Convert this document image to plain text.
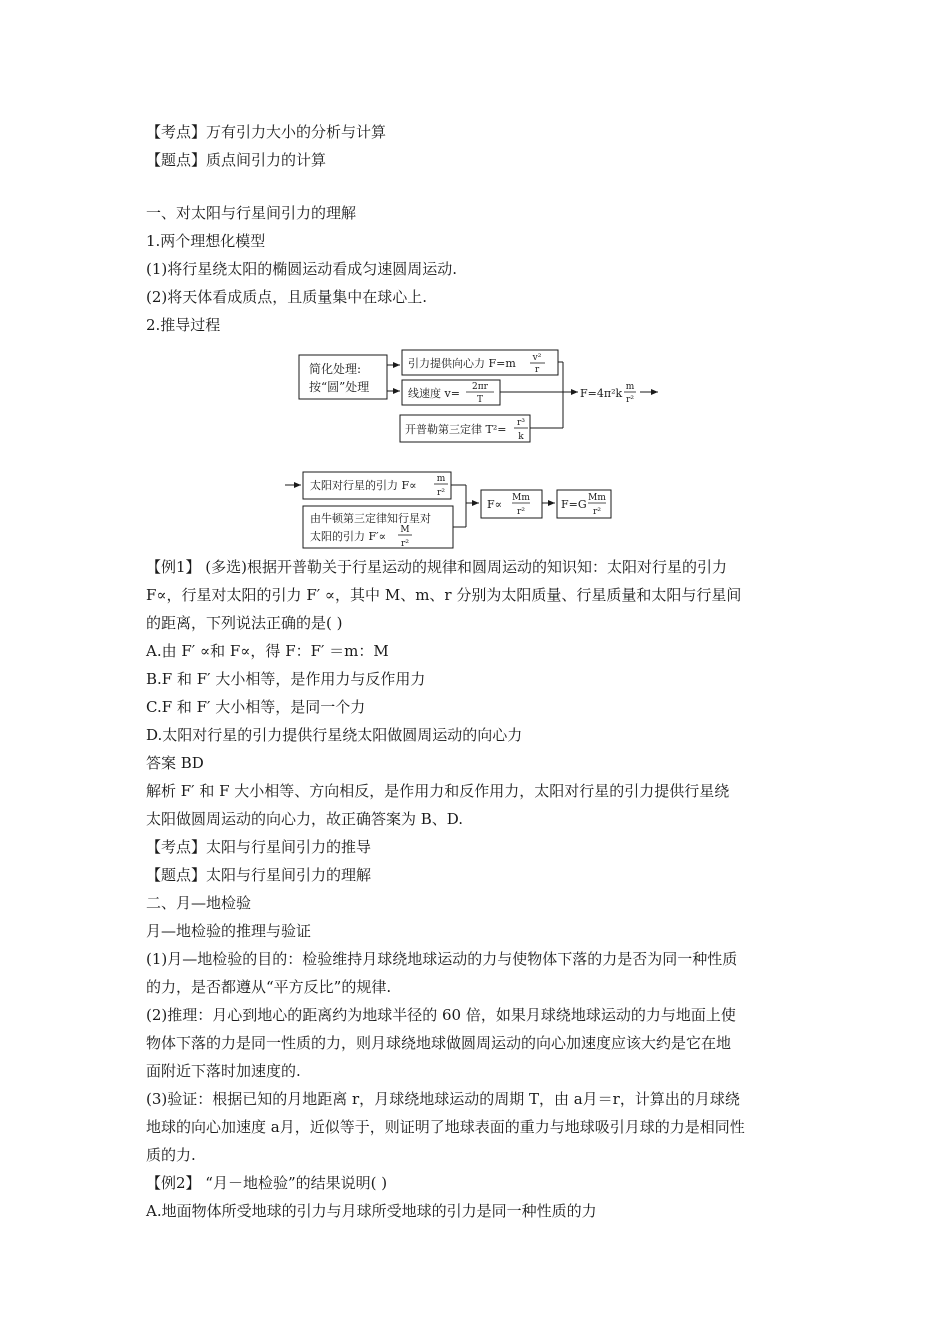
【考点】万有引力大小的分析与计算
【题点】质点间引力的计算
一、对太阳与行星间引力的理解
1.两个理想化模型
(1)将行星绕太阳的椭圆运动看成匀速圆周运动.
(2)将天体看成质点，且质量集中在球心上.
2.推导过程
简化处理:
按“圆”处理
引力提供向心力 F=m v²
r
线速度 v= 2πr
T
开普勒第三定律 T²= r³
k
F=4π²k m
r²
太阳对行星的引力 F∝ m
r²
由牛顿第三定律知行星对
太阳的引力 F′∝ M
r²
F∝ Mm
r²
F=G Mm
r²
【例1】 (多选)根据开普勒关于行星运动的规律和圆周运动的知识知：太阳对行星的引力
F∝，行星对太阳的引力 F′ ∝，其中 M、m、r 分别为太阳质量、行星质量和太阳与行星间
的距离，下列说法正确的是( )
A.由 F′ ∝和 F∝，得 F：F′ ＝m：M
B.F 和 F′ 大小相等，是作用力与反作用力
C.F 和 F′ 大小相等，是同一个力
D.太阳对行星的引力提供行星绕太阳做圆周运动的向心力
答案 BD
解析 F′ 和 F 大小相等、方向相反，是作用力和反作用力，太阳对行星的引力提供行星绕
太阳做圆周运动的向心力，故正确答案为 B、D.
【考点】太阳与行星间引力的推导
【题点】太阳与行星间引力的理解
二、月—地检验
月—地检验的推理与验证
(1)月—地检验的目的：检验维持月球绕地球运动的力与使物体下落的力是否为同一种性质
的力，是否都遵从“平方反比”的规律.
(2)推理：月心到地心的距离约为地球半径的 60 倍，如果月球绕地球运动的力与地面上使
物体下落的力是同一性质的力，则月球绕地球做圆周运动的向心加速度应该大约是它在地
面附近下落时加速度的.
(3)验证：根据已知的月地距离 r，月球绕地球运动的周期 T，由 a月＝r，计算出的月球绕
地球的向心加速度 a月，近似等于，则证明了地球表面的重力与地球吸引月球的力是相同性
质的力.
【例2】 “月－地检验”的结果说明( )
A.地面物体所受地球的引力与月球所受地球的引力是同一种性质的力
